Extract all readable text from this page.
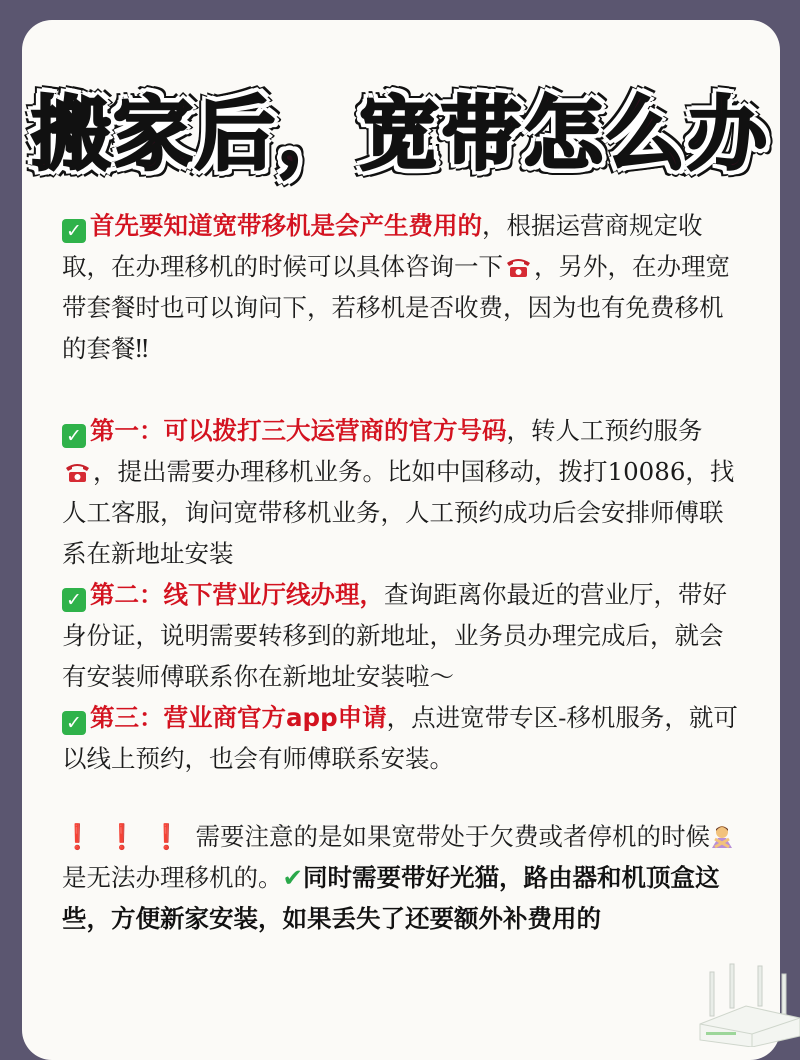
搬家后，宽带怎么办
✓ 首先要知道宽带移机是会产生费用的，根据运营商规定收取，在办理移机的时候可以具体咨询一下 ，另外，在办理宽带套餐时也可以询问下，若移机是否收费，因为也有免费移机的套餐‼
✓ 第一：可以拨打三大运营商的官方号码，转人工预约服务
，提出需要办理移机业务。比如中国移动，拨打10086，找人工客服，询问宽带移机业务，人工预约成功后会安排师傅联系在新地址安装
✓ 第二：线下营业厅线办理，查询距离你最近的营业厅，带好身份证，说明需要转移到的新地址，业务员办理完成后，就会有安装师傅联系你在新地址安装啦～
✓ 第三：营业商官方app申请，点进宽带专区-移机服务，就可以线上预约，也会有师傅联系安装。
❗ ❗ ❗ 需要注意的是如果宽带处于欠费或者停机的时候是无法办理移机的。✔同时需要带好光猫，路由器和机顶盒这些，方便新家安装，如果丢失了还要额外补费用的
